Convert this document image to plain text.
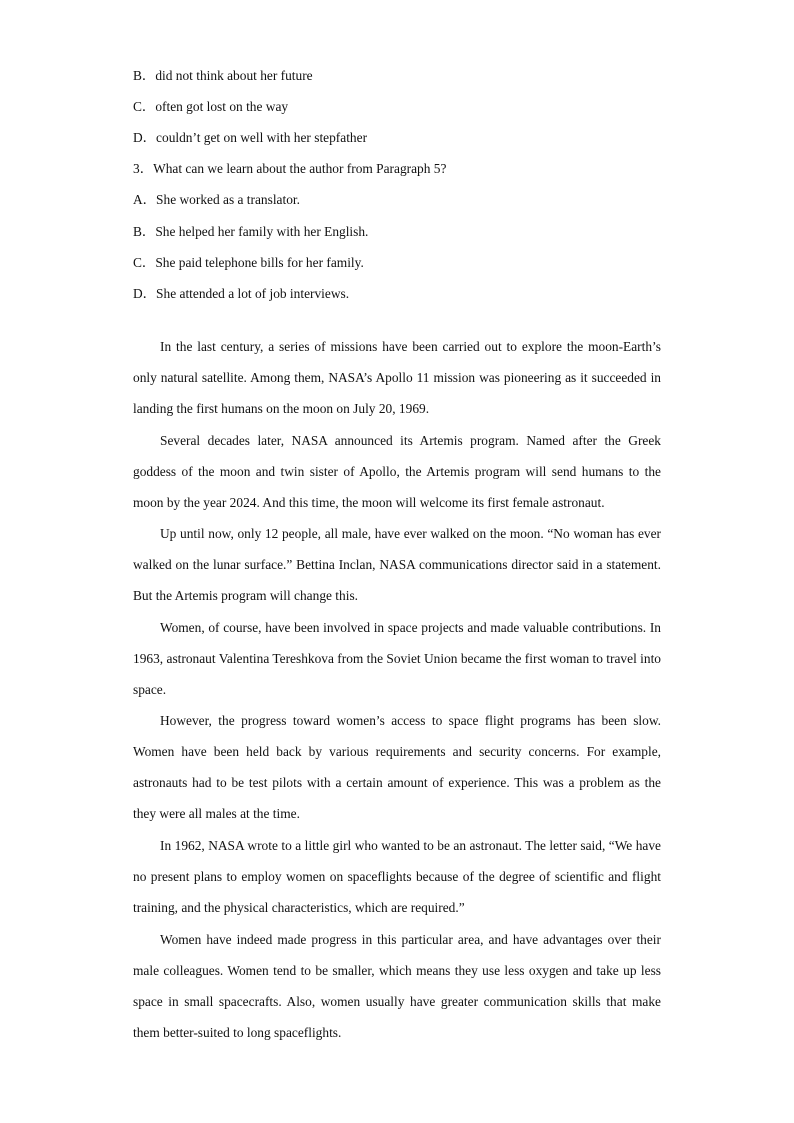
B．did not think about her future
C．often got lost on the way
D．couldn’t get on well with her stepfather
3．What can we learn about the author from Paragraph 5?
A．She worked as a translator.
B．She helped her family with her English.
C．She paid telephone bills for her family.
D．She attended a lot of job interviews.

In the last century, a series of missions have been carried out to explore the moon-Earth’s only natural satellite. Among them, NASA’s Apollo 11 mission was pioneering as it succeeded in landing the first humans on the moon on July 20, 1969.

Several decades later, NASA announced its Artemis program. Named after the Greek goddess of the moon and twin sister of Apollo, the Artemis program will send humans to the moon by the year 2024. And this time, the moon will welcome its first female astronaut.

Up until now, only 12 people, all male, have ever walked on the moon. “No woman has ever walked on the lunar surface.” Bettina Inclan, NASA communications director said in a statement. But the Artemis program will change this.

Women, of course, have been involved in space projects and made valuable contributions. In 1963, astronaut Valentina Tereshkova from the Soviet Union became the first woman to travel into space.

However, the progress toward women’s access to space flight programs has been slow. Women have been held back by various requirements and security concerns. For example, astronauts had to be test pilots with a certain amount of experience. This was a problem as the they were all males at the time.

In 1962, NASA wrote to a little girl who wanted to be an astronaut. The letter said, “We have no present plans to employ women on spaceflights because of the degree of scientific and flight training, and the physical characteristics, which are required.”

Women have indeed made progress in this particular area, and have advantages over their male colleagues. Women tend to be smaller, which means they use less oxygen and take up less space in small spacecrafts. Also, women usually have greater communication skills that make them better-suited to long spaceflights.
